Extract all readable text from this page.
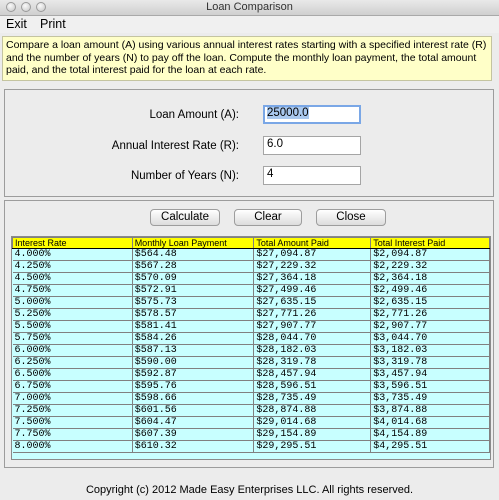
Loan Comparison
Exit Print
Compare a loan amount (A) using various annual interest rates starting with a specified interest rate (R) and the number of years (N) to pay off the loan. Compute the monthly loan payment, the total amount paid, and the total interest paid for the loan at each rate.
Loan Amount (A):	25000.0
Annual Interest Rate (R):	6.0
Number of Years (N):	4
Calculate	Clear	Close
Interest Rate	Monthly Loan Payment	Total Amount Paid	Total Interest Paid
4.000%	$564.48	$27,094.87	$2,094.87
4.250%	$567.28	$27,229.32	$2,229.32
4.500%	$570.09	$27,364.18	$2,364.18
4.750%	$572.91	$27,499.46	$2,499.46
5.000%	$575.73	$27,635.15	$2,635.15
5.250%	$578.57	$27,771.26	$2,771.26
5.500%	$581.41	$27,907.77	$2,907.77
5.750%	$584.26	$28,044.70	$3,044.70
6.000%	$587.13	$28,182.03	$3,182.03
6.250%	$590.00	$28,319.78	$3,319.78
6.500%	$592.87	$28,457.94	$3,457.94
6.750%	$595.76	$28,596.51	$3,596.51
7.000%	$598.66	$28,735.49	$3,735.49
7.250%	$601.56	$28,874.88	$3,874.88
7.500%	$604.47	$29,014.68	$4,014.68
7.750%	$607.39	$29,154.89	$4,154.89
8.000%	$610.32	$29,295.51	$4,295.51
Copyright (c) 2012 Made Easy Enterprises LLC. All rights reserved.
